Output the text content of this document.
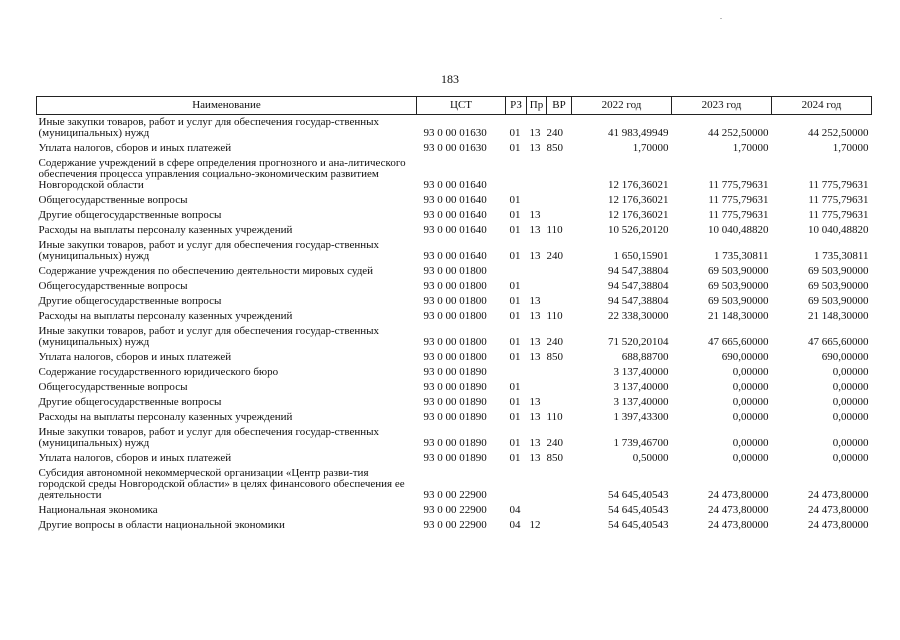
183
Наименование	ЦСТ	РЗ	Пр	ВР	2022 год	2023 год	2024 год
Иные закупки товаров, работ и услуг для обеспечения государ-ственных (муниципальных) нужд	93 0 00 01630	01	13	240	41 983,49949	44 252,50000	44 252,50000
Уплата налогов, сборов и иных платежей	93 0 00 01630	01	13	850	1,70000	1,70000	1,70000
Содержание учреждений в сфере определения прогнозного и ана-литического обеспечения процесса управления социально-экономическим развитием Новгородской области	93 0 00 01640				12 176,36021	11 775,79631	11 775,79631
Общегосударственные вопросы	93 0 00 01640	01			12 176,36021	11 775,79631	11 775,79631
Другие общегосударственные вопросы	93 0 00 01640	01	13		12 176,36021	11 775,79631	11 775,79631
Расходы на выплаты персоналу казенных учреждений	93 0 00 01640	01	13	110	10 526,20120	10 040,48820	10 040,48820
Иные закупки товаров, работ и услуг для обеспечения государ-ственных (муниципальных) нужд	93 0 00 01640	01	13	240	1 650,15901	1 735,30811	1 735,30811
Содержание учреждения по обеспечению деятельности мировых судей	93 0 00 01800				94 547,38804	69 503,90000	69 503,90000
Общегосударственные вопросы	93 0 00 01800	01			94 547,38804	69 503,90000	69 503,90000
Другие общегосударственные вопросы	93 0 00 01800	01	13		94 547,38804	69 503,90000	69 503,90000
Расходы на выплаты персоналу казенных учреждений	93 0 00 01800	01	13	110	22 338,30000	21 148,30000	21 148,30000
Иные закупки товаров, работ и услуг для обеспечения государ-ственных (муниципальных) нужд	93 0 00 01800	01	13	240	71 520,20104	47 665,60000	47 665,60000
Уплата налогов, сборов и иных платежей	93 0 00 01800	01	13	850	688,88700	690,00000	690,00000
Содержание государственного юридического бюро	93 0 00 01890				3 137,40000	0,00000	0,00000
Общегосударственные вопросы	93 0 00 01890	01			3 137,40000	0,00000	0,00000
Другие общегосударственные вопросы	93 0 00 01890	01	13		3 137,40000	0,00000	0,00000
Расходы на выплаты персоналу казенных учреждений	93 0 00 01890	01	13	110	1 397,43300	0,00000	0,00000
Иные закупки товаров, работ и услуг для обеспечения государ-ственных (муниципальных) нужд	93 0 00 01890	01	13	240	1 739,46700	0,00000	0,00000
Уплата налогов, сборов и иных платежей	93 0 00 01890	01	13	850	0,50000	0,00000	0,00000
Субсидия автономной некоммерческой организации «Центр разви-тия городской среды Новгородской области» в целях финансового обеспечения ее деятельности	93 0 00 22900				54 645,40543	24 473,80000	24 473,80000
Национальная экономика	93 0 00 22900	04			54 645,40543	24 473,80000	24 473,80000
Другие вопросы в области национальной экономики	93 0 00 22900	04	12		54 645,40543	24 473,80000	24 473,80000
